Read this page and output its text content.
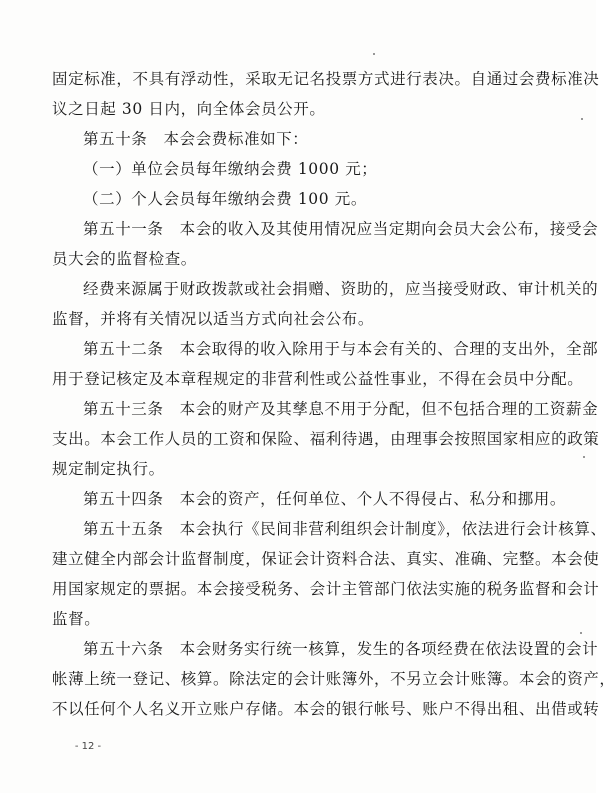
固定标准，不具有浮动性，采取无记名投票方式进行表决。自通过会费标准决
议之日起 30 日内，向全体会员公开。
第五十条　本会会费标准如下：
（一）单位会员每年缴纳会费 1000 元；
（二）个人会员每年缴纳会费 100 元。
第五十一条　本会的收入及其使用情况应当定期向会员大会公布，接受会
员大会的监督检查。
经费来源属于财政拨款或社会捐赠、资助的，应当接受财政、审计机关的
监督，并将有关情况以适当方式向社会公布。
第五十二条　本会取得的收入除用于与本会有关的、合理的支出外，全部
用于登记核定及本章程规定的非营利性或公益性事业，不得在会员中分配。
第五十三条　本会的财产及其孳息不用于分配，但不包括合理的工资薪金
支出。本会工作人员的工资和保险、福利待遇，由理事会按照国家相应的政策
规定制定执行。
第五十四条　本会的资产，任何单位、个人不得侵占、私分和挪用。
第五十五条　本会执行《民间非营利组织会计制度》，依法进行会计核算、
建立健全内部会计监督制度，保证会计资料合法、真实、准确、完整。本会使
用国家规定的票据。本会接受税务、会计主管部门依法实施的税务监督和会计
监督。
第五十六条　本会财务实行统一核算，发生的各项经费在依法设置的会计
帐薄上统一登记、核算。除法定的会计账簿外，不另立会计账簿。本会的资产，
不以任何个人名义开立账户存储。本会的银行帐号、账户不得出租、出借或转
- 12 -
